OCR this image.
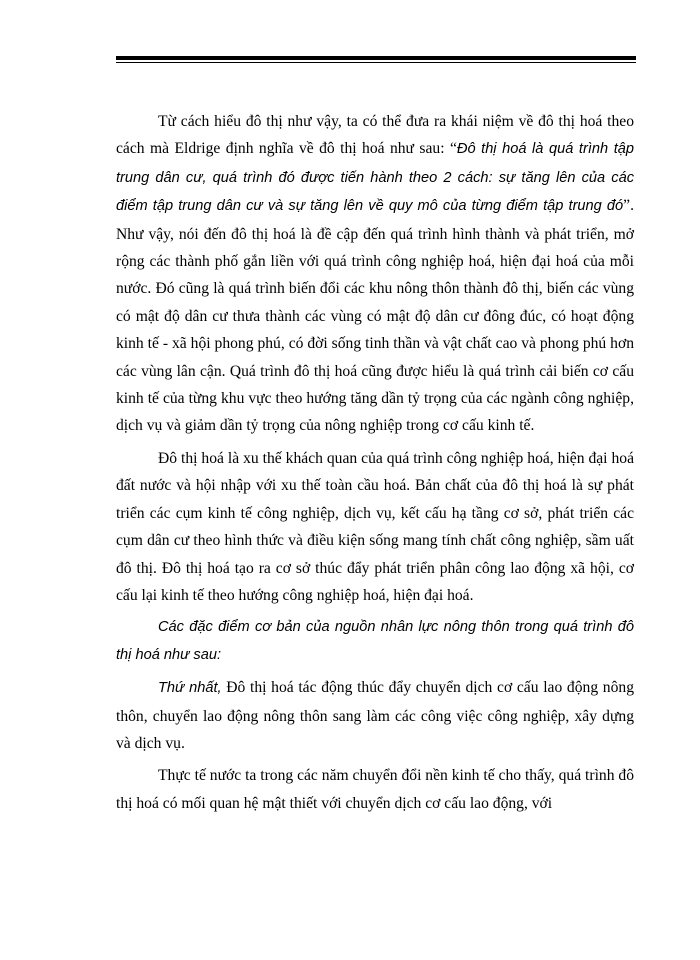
Từ cách hiểu đô thị như vậy, ta có thể đưa ra khái niệm về đô thị hoá theo cách mà Eldrige định nghĩa về đô thị hoá như sau: “Đô thị hoá là quá trình tập trung dân cư, quá trình đó được tiến hành theo 2 cách: sự tăng lên của các điểm tập trung dân cư và sự tăng lên về quy mô của từng điểm tập trung đó”. Như vậy, nói đến đô thị hoá là đề cập đến quá trình hình thành và phát triển, mở rộng các thành phố gắn liền với quá trình công nghiệp hoá, hiện đại hoá của mỗi nước. Đó cũng là quá trình biến đổi các khu nông thôn thành đô thị, biến các vùng có mật độ dân cư thưa thành các vùng có mật độ dân cư đông đúc, có hoạt động kinh tế - xã hội phong phú, có đời sống tinh thần và vật chất cao và phong phú hơn các vùng lân cận. Quá trình đô thị hoá cũng được hiểu là quá trình cải biến cơ cấu kinh tế của từng khu vực theo hướng tăng dần tỷ trọng của các ngành công nghiệp, dịch vụ và giảm dần tỷ trọng của nông nghiệp trong cơ cấu kinh tế.

Đô thị hoá là xu thế khách quan của quá trình công nghiệp hoá, hiện đại hoá đất nước và hội nhập với xu thế toàn cầu hoá. Bản chất của đô thị hoá là sự phát triển các cụm kinh tế công nghiệp, dịch vụ, kết cấu hạ tầng cơ sở, phát triển các cụm dân cư theo hình thức và điều kiện sống mang tính chất công nghiệp, sầm uất đô thị. Đô thị hoá tạo ra cơ sở thúc đẩy phát triển phân công lao động xã hội, cơ cấu lại kinh tế theo hướng công nghiệp hoá, hiện đại hoá.

Các đặc điểm cơ bản của nguồn nhân lực nông thôn trong quá trình đô thị hoá như sau:

Thứ nhất, Đô thị hoá tác động thúc đẩy chuyển dịch cơ cấu lao động nông thôn, chuyển lao động nông thôn sang làm các công việc công nghiệp, xây dựng và dịch vụ.

Thực tế nước ta trong các năm chuyển đổi nền kinh tế cho thấy, quá trình đô thị hoá có mối quan hệ mật thiết với chuyển dịch cơ cấu lao động, với
